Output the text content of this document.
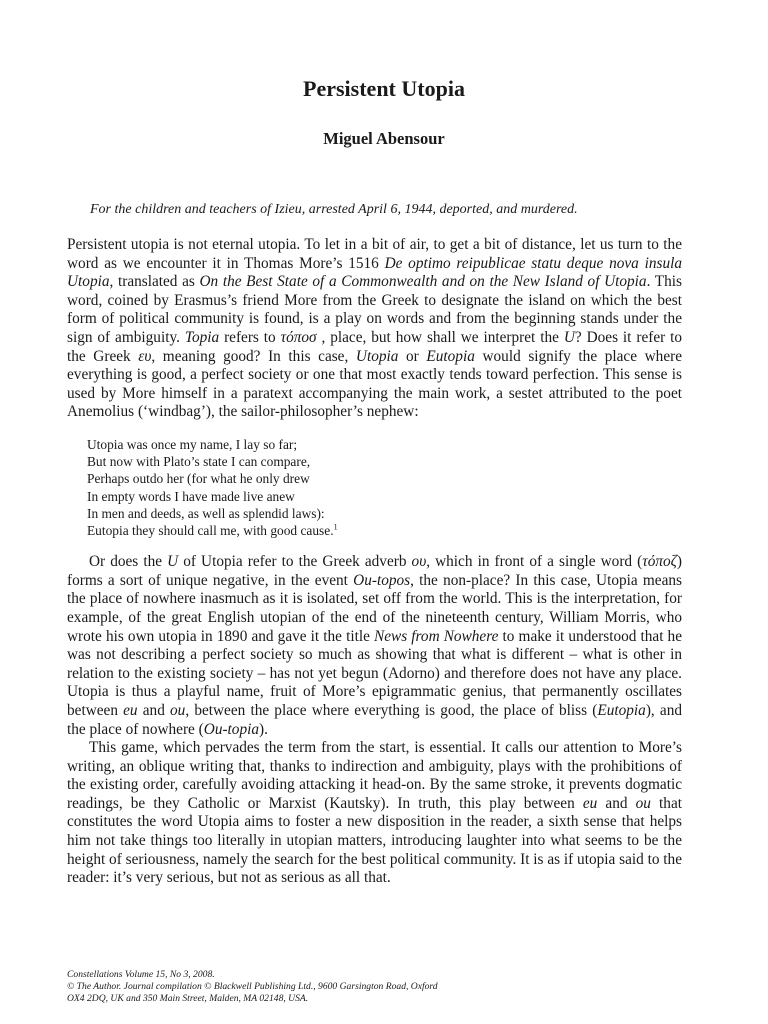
Persistent Utopia
Miguel Abensour

For the children and teachers of Izieu, arrested April 6, 1944, deported, and murdered.

Persistent utopia is not eternal utopia. To let in a bit of air, to get a bit of distance, let us turn to the word as we encounter it in Thomas More’s 1516 De optimo reipublicae statu deque nova insula Utopia, translated as On the Best State of a Commonwealth and on the New Island of Utopia. This word, coined by Erasmus’s friend More from the Greek to designate the island on which the best form of political community is found, is a play on words and from the beginning stands under the sign of ambiguity. Topia refers to τόποσ , place, but how shall we interpret the U? Does it refer to the Greek ευ, meaning good? In this case, Utopia or Eutopia would signify the place where everything is good, a perfect society or one that most exactly tends toward perfection. This sense is used by More himself in a paratext accompanying the main work, a sestet attributed to the poet Anemolius (‘windbag’), the sailor-philosopher’s nephew:

Utopia was once my name, I lay so far;
But now with Plato’s state I can compare,
Perhaps outdo her (for what he only drew
In empty words I have made live anew
In men and deeds, as well as splendid laws):
Eutopia they should call me, with good cause.$^1$

Or does the U of Utopia refer to the Greek adverb ου, which in front of a single word (τόποζ) forms a sort of unique negative, in the event Ou-topos, the non-place? In this case, Utopia means the place of nowhere inasmuch as it is isolated, set off from the world. This is the interpretation, for example, of the great English utopian of the end of the nineteenth century, William Morris, who wrote his own utopia in 1890 and gave it the title News from Nowhere to make it understood that he was not describing a perfect society so much as showing that what is different – what is other in relation to the existing society – has not yet begun (Adorno) and therefore does not have any place. Utopia is thus a playful name, fruit of More’s epigrammatic genius, that permanently oscillates between eu and ou, between the place where everything is good, the place of bliss (Eutopia), and the place of nowhere (Ou-topia).

This game, which pervades the term from the start, is essential. It calls our attention to More’s writing, an oblique writing that, thanks to indirection and ambiguity, plays with the prohibitions of the existing order, carefully avoiding attacking it head-on. By the same stroke, it prevents dogmatic readings, be they Catholic or Marxist (Kautsky). In truth, this play between eu and ou that constitutes the word Utopia aims to foster a new disposition in the reader, a sixth sense that helps him not take things too literally in utopian matters, introducing laughter into what seems to be the height of seriousness, namely the search for the best political community. It is as if utopia said to the reader: it’s very serious, but not as serious as all that.

Constellations Volume 15, No 3, 2008.
© The Author. Journal compilation © Blackwell Publishing Ltd., 9600 Garsington Road, Oxford
OX4 2DQ, UK and 350 Main Street, Malden, MA 02148, USA.
